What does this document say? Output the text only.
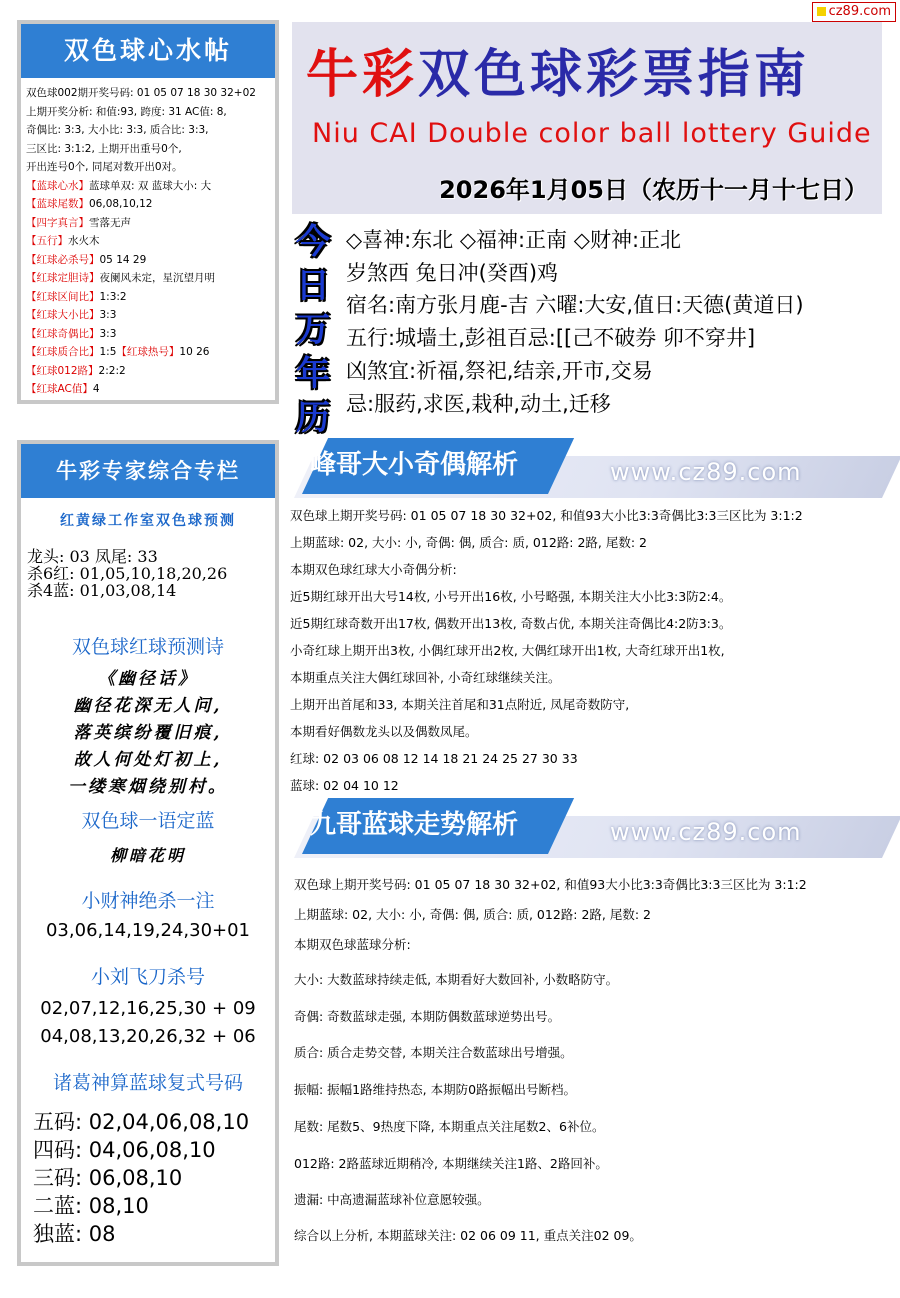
cz89.com
双色球心水帖
双色球002期开奖号码: 01 05 07 18 30 32+02
上期开奖分析: 和值:93, 跨度: 31 AC值: 8,
奇偶比: 3:3, 大小比: 3:3, 质合比: 3:3,
三区比: 3:1:2, 上期开出重号0个,
开出连号0个, 同尾对数开出0对。
【蓝球心水】蓝球单双: 双 蓝球大小: 大
【蓝球尾数】06,08,10,12
【四字真言】雪落无声
【五行】水火木
【红球必杀号】05 14 29
【红球定胆诗】夜阑风未定，星沉望月明
【红球区间比】1:3:2
【红球大小比】3:3
【红球奇偶比】3:3
【红球质合比】1:5【红球热号】10 26
【红球012路】2:2:2
【红球AC值】4
牛彩专家综合专栏
红黄绿工作室双色球预测
龙头: 03 凤尾: 33
杀6红: 01,05,10,18,20,26
杀4蓝: 01,03,08,14
双色球红球预测诗
《幽径话》
幽径花深无人问,
落英缤纷覆旧痕,
故人何处灯初上,
一缕寒烟绕别村。
双色球一语定蓝
柳暗花明
小财神绝杀一注
03,06,14,19,24,30+01
小刘飞刀杀号
02,07,12,16,25,30 + 09
04,08,13,20,26,32 + 06
诸葛神算蓝球复式号码
五码: 02,04,06,08,10
四码: 04,06,08,10
三码: 06,08,10
二蓝: 08,10
独蓝: 08
牛彩双色球彩票指南
Niu CAI Double color ball lottery Guide
2026年1月05日（农历十一月十七日）
今
日
万
年
历
◇喜神:东北 ◇福神:正南 ◇财神:正北
岁煞西 兔日冲(癸酉)鸡
宿名:南方张月鹿-吉 六曜:大安,值日:天德(黄道日)
五行:城墙土,彭祖百忌:[[己不破券 卯不穿井]
凶煞宜:祈福,祭祀,结亲,开市,交易
忌:服药,求医,栽种,动土,迁移
峰哥大小奇偶解析	www.cz89.com
双色球上期开奖号码: 01 05 07 18 30 32+02, 和值93大小比3:3奇偶比3:3三区比为 3:1:2
上期蓝球: 02, 大小: 小, 奇偶: 偶, 质合: 质, 012路: 2路, 尾数: 2
本期双色球红球大小奇偶分析:
近5期红球开出大号14枚, 小号开出16枚, 小号略强, 本期关注大小比3:3防2:4。
近5期红球奇数开出17枚, 偶数开出13枚, 奇数占优, 本期关注奇偶比4:2防3:3。
小奇红球上期开出3枚, 小偶红球开出2枚, 大偶红球开出1枚, 大奇红球开出1枚,
本期重点关注大偶红球回补, 小奇红球继续关注。
上期开出首尾和33, 本期关注首尾和31点附近, 凤尾奇数防守,
本期看好偶数龙头以及偶数凤尾。
红球: 02 03 06 08 12 14 18 21 24 25 27 30 33
蓝球: 02 04 10 12
九哥蓝球走势解析	www.cz89.com
双色球上期开奖号码: 01 05 07 18 30 32+02, 和值93大小比3:3奇偶比3:3三区比为 3:1:2
上期蓝球: 02, 大小: 小, 奇偶: 偶, 质合: 质, 012路: 2路, 尾数: 2
本期双色球蓝球分析:
大小: 大数蓝球持续走低, 本期看好大数回补, 小数略防守。
奇偶: 奇数蓝球走强, 本期防偶数蓝球逆势出号。
质合: 质合走势交替, 本期关注合数蓝球出号增强。
振幅: 振幅1路维持热态, 本期防0路振幅出号断档。
尾数: 尾数5、9热度下降, 本期重点关注尾数2、6补位。
012路: 2路蓝球近期稍冷, 本期继续关注1路、2路回补。
遗漏: 中高遗漏蓝球补位意愿较强。
综合以上分析, 本期蓝球关注: 02 06 09 11, 重点关注02 09。
